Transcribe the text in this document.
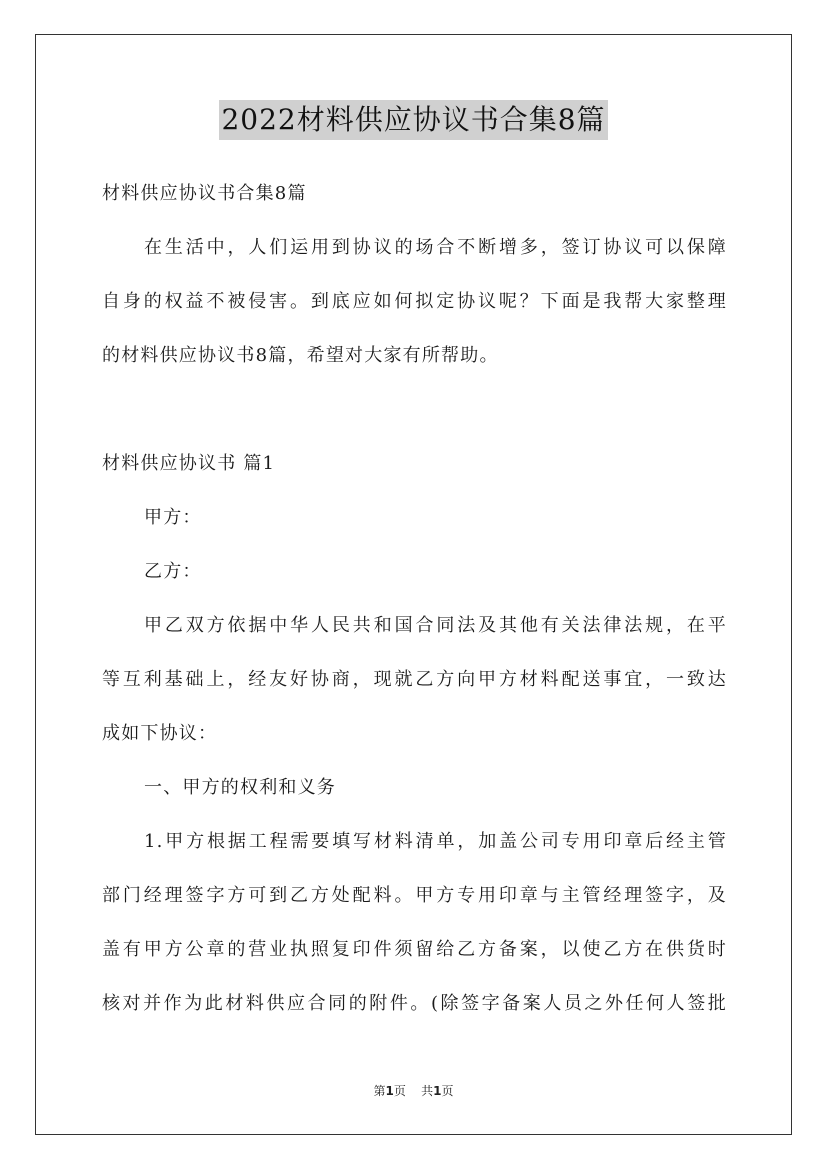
2022材料供应协议书合集8篇
材料供应协议书合集8篇
在生活中，人们运用到协议的场合不断增多，签订协议可以保障
自身的权益不被侵害。到底应如何拟定协议呢？下面是我帮大家整理
的材料供应协议书8篇，希望对大家有所帮助。
材料供应协议书 篇1
甲方：
乙方：
甲乙双方依据中华人民共和国合同法及其他有关法律法规，在平
等互利基础上，经友好协商，现就乙方向甲方材料配送事宜，一致达
成如下协议：
一、甲方的权利和义务
1.甲方根据工程需要填写材料清单，加盖公司专用印章后经主管
部门经理签字方可到乙方处配料。甲方专用印章与主管经理签字，及
盖有甲方公章的营业执照复印件须留给乙方备案，以使乙方在供货时
核对并作为此材料供应合同的附件。(除签字备案人员之外任何人签批
第1页 共1页
